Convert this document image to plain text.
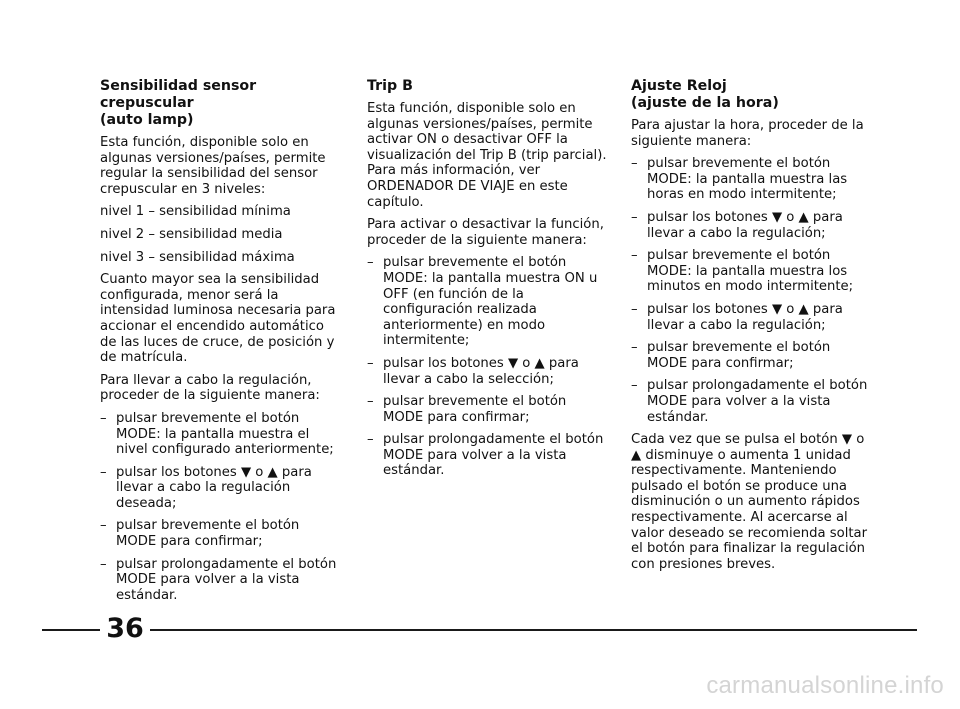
Sensibilidad sensor crepuscular
(auto lamp)
Esta función, disponible solo en algunas versiones/países, permite regular la sensibilidad del sensor crepuscular en 3 niveles:
nivel 1 – sensibilidad mínima
nivel 2 – sensibilidad media
nivel 3 – sensibilidad máxima
Cuanto mayor sea la sensibilidad configurada, menor será la intensidad luminosa necesaria para accionar el encendido automático de las luces de cruce, de posición y de matrícula.
Para llevar a cabo la regulación, proceder de la siguiente manera:
– pulsar brevemente el botón MODE: la pantalla muestra el nivel configurado anteriormente;
– pulsar los botones ▼ o ▲ para llevar a cabo la regulación deseada;
– pulsar brevemente el botón MODE para confirmar;
– pulsar prolongadamente el botón MODE para volver a la vista estándar.
Trip B
Esta función, disponible solo en algunas versiones/países, permite activar ON o desactivar OFF la visualización del Trip B (trip parcial). Para más información, ver ORDENADOR DE VIAJE en este capítulo.
Para activar o desactivar la función, proceder de la siguiente manera:
– pulsar brevemente el botón MODE: la pantalla muestra ON u OFF (en función de la configuración realizada anteriormente) en modo intermitente;
– pulsar los botones ▼ o ▲ para llevar a cabo la selección;
– pulsar brevemente el botón MODE para confirmar;
– pulsar prolongadamente el botón MODE para volver a la vista estándar.
Ajuste Reloj
(ajuste de la hora)
Para ajustar la hora, proceder de la siguiente manera:
– pulsar brevemente el botón MODE: la pantalla muestra las horas en modo intermitente;
– pulsar los botones ▼ o ▲ para llevar a cabo la regulación;
– pulsar brevemente el botón MODE: la pantalla muestra los minutos en modo intermitente;
– pulsar los botones ▼ o ▲ para llevar a cabo la regulación;
– pulsar brevemente el botón MODE para confirmar;
– pulsar prolongadamente el botón MODE para volver a la vista estándar.
Cada vez que se pulsa el botón ▼ o ▲ disminuye o aumenta 1 unidad respectivamente. Manteniendo pulsado el botón se produce una disminución o un aumento rápidos respectivamente. Al acercarse al valor deseado se recomienda soltar el botón para finalizar la regulación con presiones breves.
36
carmanualsonline.info
